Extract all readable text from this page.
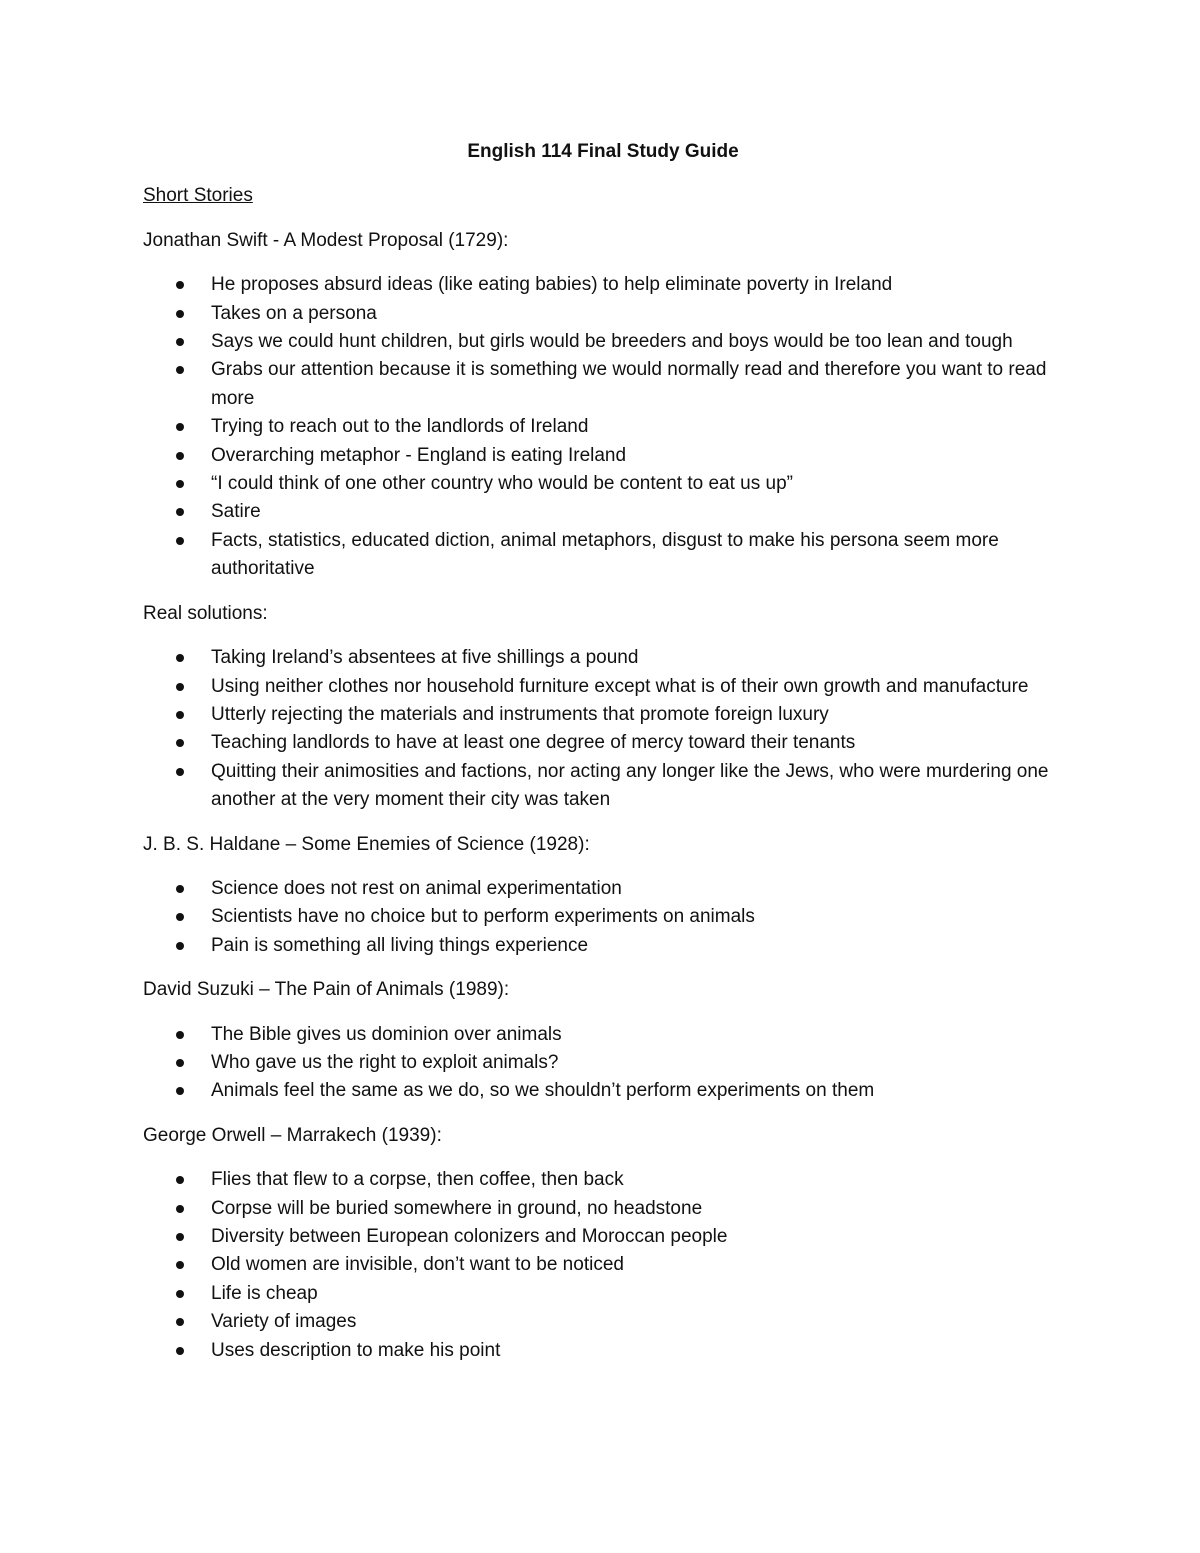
English 114 Final Study Guide
Short Stories
Jonathan Swift - A Modest Proposal (1729):
He proposes absurd ideas (like eating babies) to help eliminate poverty in Ireland
Takes on a persona
Says we could hunt children, but girls would be breeders and boys would be too lean and tough
Grabs our attention because it is something we would normally read and therefore you want to read more
Trying to reach out to the landlords of Ireland
Overarching metaphor - England is eating Ireland
“I could think of one other country who would be content to eat us up”
Satire
Facts, statistics, educated diction, animal metaphors, disgust to make his persona seem more authoritative
Real solutions:
Taking Ireland’s absentees at five shillings a pound
Using neither clothes nor household furniture except what is of their own growth and manufacture
Utterly rejecting the materials and instruments that promote foreign luxury
Teaching landlords to have at least one degree of mercy toward their tenants
Quitting their animosities and factions, nor acting any longer like the Jews, who were murdering one another at the very moment their city was taken
J. B. S. Haldane – Some Enemies of Science (1928):
Science does not rest on animal experimentation
Scientists have no choice but to perform experiments on animals
Pain is something all living things experience
David Suzuki – The Pain of Animals (1989):
The Bible gives us dominion over animals
Who gave us the right to exploit animals?
Animals feel the same as we do, so we shouldn’t perform experiments on them
George Orwell – Marrakech (1939):
Flies that flew to a corpse, then coffee, then back
Corpse will be buried somewhere in ground, no headstone
Diversity between European colonizers and Moroccan people
Old women are invisible, don’t want to be noticed
Life is cheap
Variety of images
Uses description to make his point
